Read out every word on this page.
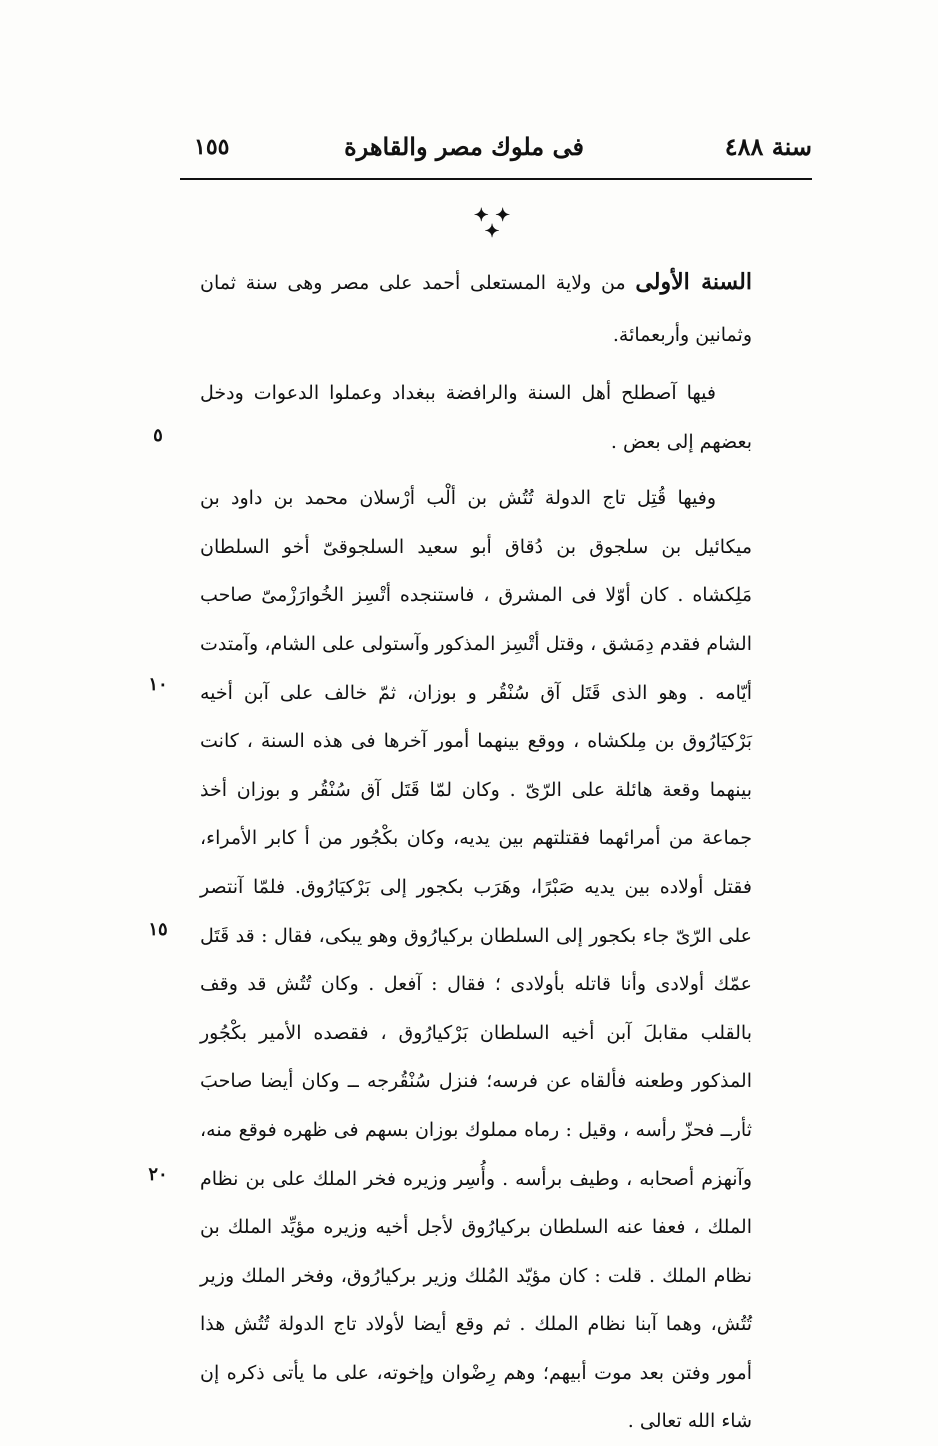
سنة ٤٨٨
فى ملوك مصر والقاهرة
١٥٥
✦ ✦ ✦

السنة الأولى من ولاية المستعلى أحمد على مصر وهى سنة ثمان وثمانين وأربعمائة.

فيها آصطلح أهل السنة والرافضة ببغداد وعملوا الدعوات ودخل بعضهم إلى بعض .

وفيها قُتِل تاج الدولة تُتُش بن ألْب أرْسلان محمد بن داود بن ميكائيل بن سلجوق بن دُقاق أبو سعيد السلجوقىّ أخو السلطان مَلِكشاه . كان أوّلا فى المشرق ، فاستنجده أتْسِز الخُوارَزْمىّ صاحب الشام فقدم دِمَشق ، وقتل أتْسِز المذكور وآستولى على الشام، وآمتدت أيّامه . وهو الذى قَتَل آق سُنْقُر و بوزان، ثمّ خالف على آبن أخيه بَرْكيَارُوق بن مِلكشاه ، ووقع بينهما أمور آخرها فى هذه السنة ، كانت بينهما وقعة هائلة على الرّىّ . وكان لمّا قَتَل آق سُنْقُر و بوزان أخذ جماعة من أمرائهما فقتلتهم بين يديه، وكان بكْجُور من أ كابر الأمراء، فقتل أولاده بين يديه صَبْرًا، وهَرَب بكجور إلى بَرْكيَارُوق. فلمّا آنتصر على الرّىّ جاء بكجور إلى السلطان بركيارُوق وهو يبكى، فقال : قد قَتَل عمّك أولادى وأنا قاتله بأولادى ؛ فقال : آفعل . وكان تُتُش قد وقف بالقلب مقابلَ آبن أخيه السلطان بَرْكيارُوق ، فقصده الأمير بكْجُور المذكور وطعنه فألقاه عن فرسه؛ فنزل سُنْقُرجه ــ وكان أيضا صاحبَ ثأرــ فحزّ رأسه ، وقيل : رماه مملوك بوزان بسهم فى ظهره فوقع منه، وآنهزم أصحابه ، وطيف برأسه . وأُسِر وزيره فخر الملك على بن نظام الملك ، فعفا عنه السلطان بركيارُوق لأجل أخيه وزيره مؤيِّد الملك بن نظام الملك . قلت : كان مؤيّد المُلك وزير بركيارُوق، وفخر الملك وزير تُتُش، وهما آبنا نظام الملك . ثم وقع أيضا لأولاد تاج الدولة تُتُش هذا أمور وفتن بعد موت أبيهم؛ وهم رِضْوان وإخوته، على ما يأتى ذكره إن شاء الله تعالى .

٥
١٠
١٥
٢٠
